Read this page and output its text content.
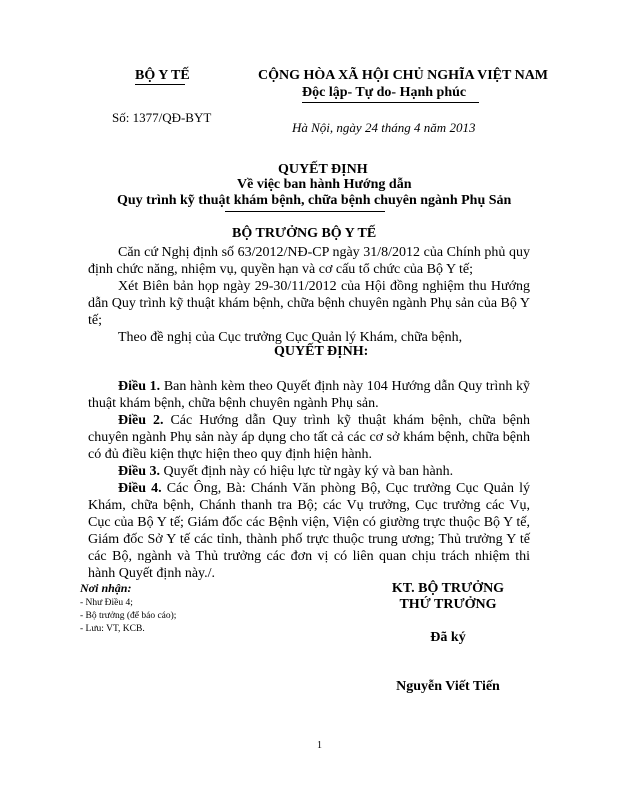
BỘ Y TẾ	CỘNG HÒA XÃ HỘI CHỦ NGHĨA VIỆT NAM
Độc lập- Tự do- Hạnh phúc
Số: 1377/QĐ-BYT
Hà Nội, ngày 24 tháng 4 năm 2013
QUYẾT ĐỊNH
Về việc ban hành Hướng dẫn
Quy trình kỹ thuật khám bệnh, chữa bệnh chuyên ngành Phụ Sản
BỘ TRƯỞNG BỘ Y TẾ

Căn cứ Nghị định số 63/2012/NĐ-CP ngày 31/8/2012 của Chính phủ quy định chức năng, nhiệm vụ, quyền hạn và cơ cấu tổ chức của Bộ Y tế;

Xét Biên bản họp ngày 29-30/11/2012 của Hội đồng nghiệm thu Hướng dẫn Quy trình kỹ thuật khám bệnh, chữa bệnh chuyên ngành Phụ sản của Bộ Y tế;

Theo đề nghị của Cục trưởng Cục Quản lý Khám, chữa bệnh,

QUYẾT ĐỊNH:

Điều 1. Ban hành kèm theo Quyết định này 104 Hướng dẫn Quy trình kỹ thuật khám bệnh, chữa bệnh chuyên ngành Phụ sản.

Điều 2. Các Hướng dẫn Quy trình kỹ thuật khám bệnh, chữa bệnh chuyên ngành Phụ sản này áp dụng cho tất cả các cơ sở khám bệnh, chữa bệnh có đủ điều kiện thực hiện theo quy định hiện hành.

Điều 3. Quyết định này có hiệu lực từ ngày ký và ban hành.

Điều 4. Các Ông, Bà: Chánh Văn phòng Bộ, Cục trưởng Cục Quản lý Khám, chữa bệnh, Chánh thanh tra Bộ; các Vụ trưởng, Cục trưởng các Vụ, Cục của Bộ Y tế; Giám đốc các Bệnh viện, Viện có giường trực thuộc Bộ Y tế, Giám đốc Sở Y tế các tỉnh, thành phố trực thuộc trung ương; Thủ trưởng Y tế các Bộ, ngành và Thủ trưởng các đơn vị có liên quan chịu trách nhiệm thi hành Quyết định này./.

Nơi nhận:
- Như Điều 4;
- Bộ trưởng (để báo cáo);
- Lưu: VT, KCB.
KT. BỘ TRƯỞNG
THỨ TRƯỞNG
Đã ký
Nguyễn Viết Tiến
1
